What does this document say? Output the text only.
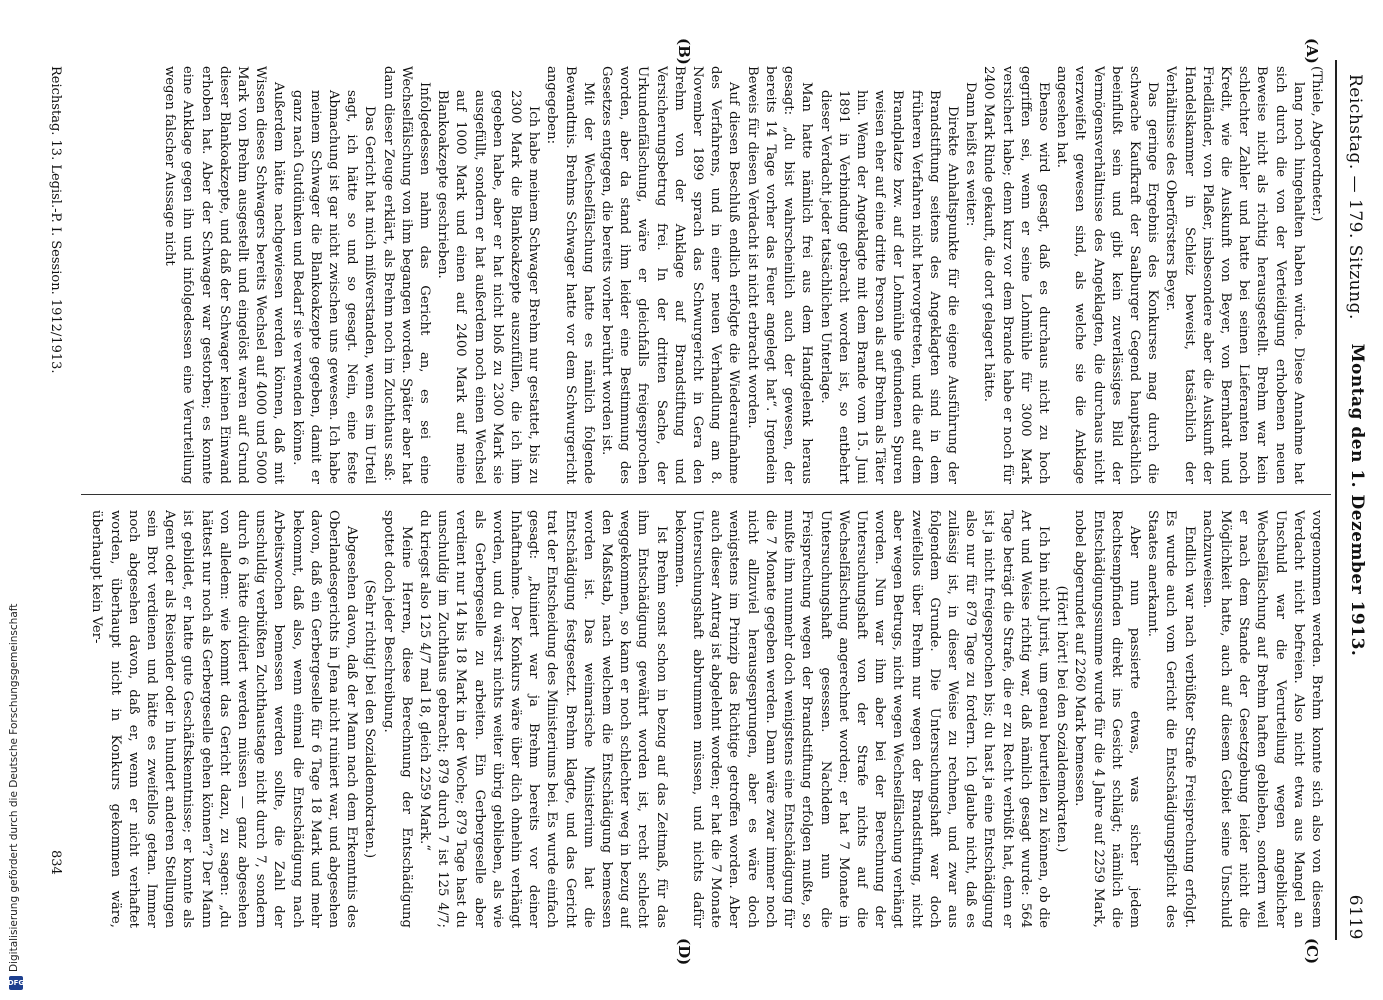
Reichstag. — 179. Sitzung.
Montag den 1. Dezember 1913.
6119
(A)
(B)
(C)
(D)

(Thiele, Abgeordneter.)

lang noch hingehalten haben würde. Diese Annahme hat sich durch die von der Verteidigung erhobenen neuen Beweise nicht als richtig herausgestellt. Brehm war kein schlechter Zahler und hatte bei seinen Lieferanten noch Kredit, wie die Auskunft von Beyer, von Bernhardt und Friedländer, von Plaßer, insbesondere aber die Auskunft der Handelskammer in Schleiz beweist, tatsächlich der Verhältnisse des Oberförsters Beyer.

Das geringe Ergebnis des Konkurses mag durch die schwache Kaufkraft der Saalburger Gegend hauptsächlich beeinflußt sein und gibt kein zuverlässiges Bild der Vermögensverhältnisse des Angeklagten, die durchaus nicht verzweifelt gewesen sind, als welche sie die Anklage angesehen hat.

Ebenso wird gesagt, daß es durchaus nicht zu hoch gegriffen sei, wenn er seine Lohmühle für 3000 Mark versichert habe; denn kurz vor dem Brande habe er noch für 2400 Mark Rinde gekauft, die dort gelagert hätte.

Dann heißt es weiter:

Direkte Anhaltspunkte für die eigene Ausführung der Brandstiftung seitens des Angeklagten sind in dem früheren Verfahren nicht hervorgetreten, und die auf dem Brandplatze bzw. auf der Lohmühle gefundenen Spuren weisen eher auf eine dritte Person als auf Brehm als Täter hin. Wenn der Angeklagte mit dem Brande vom 15. Juni 1891 in Verbindung gebracht worden ist, so entbehrt dieser Verdacht jeder tatsächlichen Unterlage.

Man hatte nämlich frei aus dem Handgelenk heraus gesagt: „du bist wahrscheinlich auch der gewesen, der bereits 14 Tage vorher das Feuer angelegt hat“. Irgendein Beweis für diesen Verdacht ist nicht erbracht worden.

Auf diesen Beschluß endlich erfolgte die Wiederaufnahme des Verfahrens, und in einer neuen Verhandlung am 8. November 1899 sprach das Schwurgericht in Gera den Brehm von der Anklage auf Brandstiftung und Versicherungsbetrug frei. In der dritten Sache, der Urkundenfälschung, wäre er gleichfalls freigesprochen worden, aber da stand ihm leider eine Bestimmung des Gesetzes entgegen, die bereits vorher berührt worden ist.

Mit der Wechselfälschung hatte es nämlich folgende Bewandtnis. Brehms Schwager hatte vor dem Schwurgericht angegeben:

Ich habe meinem Schwager Brehm nur gestattet, bis zu 2300 Mark die Blankoakzepte auszufüllen, die ich ihm gegeben habe, aber er hat nicht bloß zu 2300 Mark sie ausgefüllt, sondern er hat außerdem noch einen Wechsel auf 1000 Mark und einen auf 2400 Mark auf meine Blankoakzepte geschrieben.

Infolgedessen nahm das Gericht an, es sei eine Wechselfälschung von ihm begangen worden. Später aber hat dann dieser Zeuge erklärt, als Brehm noch im Zuchthaus saß:

Das Gericht hat mich mißverstanden, wenn es im Urteil sagt, ich hätte so und so gesagt. Nein, eine feste Abmachung ist gar nicht zwischen uns gewesen. Ich habe meinem Schwager die Blankoakzepte gegeben, damit er ganz nach Gutdünken und Bedarf sie verwenden könne.

Außerdem hätte nachgewiesen werden können, daß mit Wissen dieses Schwagers bereits Wechsel auf 4000 und 5000 Mark von Brehm ausgestellt und eingelöst waren auf Grund dieser Blankoakzepte, und daß der Schwager keinen Einwand erhoben hat. Aber der Schwager war gestorben; es konnte eine Anklage gegen ihn und infolgedessen eine Verurteilung wegen falscher Aussage nicht

vorgenommen werden. Brehm konnte sich also von diesem Verdacht nicht befreien. Also nicht etwa aus Mangel an Unschuld war die Verurteilung wegen angeblicher Wechselfälschung auf Brehm haften geblieben, sondern weil er nach dem Stande der Gesetzgebung leider nicht die Möglichkeit hatte, auch auf diesem Gebiet seine Unschuld nachzuweisen.

Endlich war nach verbüßter Strafe Freisprechung erfolgt. Es wurde auch vom Gericht die Entschädigungspflicht des Staates anerkannt.

Aber nun passierte etwas, was sicher jedem Rechtsempfinden direkt ins Gesicht schlägt; nämlich die Entschädigungssumme wurde für die 4 Jahre auf 2259 Mark, nobel abgerundet auf 2260 Mark bemessen.

(Hört! hört! bei den Sozialdemokraten.)

Ich bin nicht Jurist, um genau beurteilen zu können, ob die Art und Weise richtig war, daß nämlich gesagt wurde: 564 Tage beträgt die Strafe, die er zu Recht verbüßt hat, denn er ist ja nicht freigesprochen bis; du hast ja eine Entschädigung also nur für 879 Tage zu fordern. Ich glaube nicht, daß es zulässig ist, in dieser Weise zu rechnen, und zwar aus folgendem Grunde. Die Untersuchungshaft war doch zweifellos über Brehm nur wegen der Brandstiftung, nicht aber wegen Betrugs, nicht wegen Wechselfälschung verhängt worden. Nun war ihm aber bei der Berechnung der Untersuchungshaft von der Strafe nichts auf die Wechselfälschung angerechnet worden; er hat 7 Monate in Untersuchungshaft gesessen. Nachdem nun die Freisprechung wegen der Brandstiftung erfolgen mußte, so mußte ihm nunmehr doch wenigstens eine Entschädigung für die 7 Monate gegeben werden. Dann wäre zwar immer noch nicht allzuviel herausgesprungen, aber es wäre doch wenigstens im Prinzip das Richtige getroffen worden. Aber auch dieser Antrag ist abgelehnt worden; er hat die 7 Monate Untersuchungshaft abbrummen müssen, und nichts dafür bekommen.

Ist Brehm sonst schon in bezug auf das Zeitmaß, für das ihm Entschädigung gewährt worden ist, recht schlecht weggekommen, so kann er noch schlechter weg in bezug auf den Maßstab, nach welchem die Entschädigung bemessen worden ist. Das weimarische Ministerium hat die Entschädigung festgesetzt. Brehm klagte, und das Gericht trat der Entscheidung des Ministeriums bei. Es wurde einfach gesagt: „Ruiniert war ja Brehm bereits vor deiner Inhaftnahme. Der Konkurs wäre über dich ohnehin verhängt worden, und du wärst nichts weiter übrig geblieben, als wie als Gerbergeselle zu arbeiten. Ein Gerbergeselle aber verdient nur 14 bis 18 Mark in der Woche; 879 Tage hast du unschuldig im Zuchthaus gebracht; 879 durch 7 ist 125 4/7; du kriegst also 125 4/7 mal 18, gleich 2259 Mark.“

Meine Herren, diese Berechnung der Entschädigung spottet doch jeder Beschreibung.

(Sehr richtig! bei den Sozialdemokraten.)

Abgesehen davon, daß der Mann nach dem Erkenntnis des Oberlandesgerichts in Jena nicht ruiniert war, und abgesehen davon, daß ein Gerbergeselle für 6 Tage 18 Mark und mehr bekommt, daß also, wenn einmal die Entschädigung nach Arbeitswochen bemessen werden sollte, die Zahl der unschuldig verbüßten Zuchthaustage nicht durch 7, sondern durch 6 hätte dividiert werden müssen — ganz abgesehen von alledem: wie kommt das Gericht dazu, zu sagen: „du hättest nur noch als Gerbergeselle gehen können“? Der Mann ist gebildet, er hatte gute Geschäftskenntnisse; er konnte als Agent oder als Reisender oder in hundert anderen Stellungen sein Brot verdienen und hätte es zweifellos getan. Immer noch abgesehen davon, daß er, wenn er nicht verhaftet worden, überhaupt nicht in Konkurs gekommen wäre, überhaupt kein Ver-

Reichstag. 13. Legisl.-P. I. Session. 1912/1913.
834
Digitalisierung gefördert durch die Deutsche Forschungsgemeinschaft
DFG
